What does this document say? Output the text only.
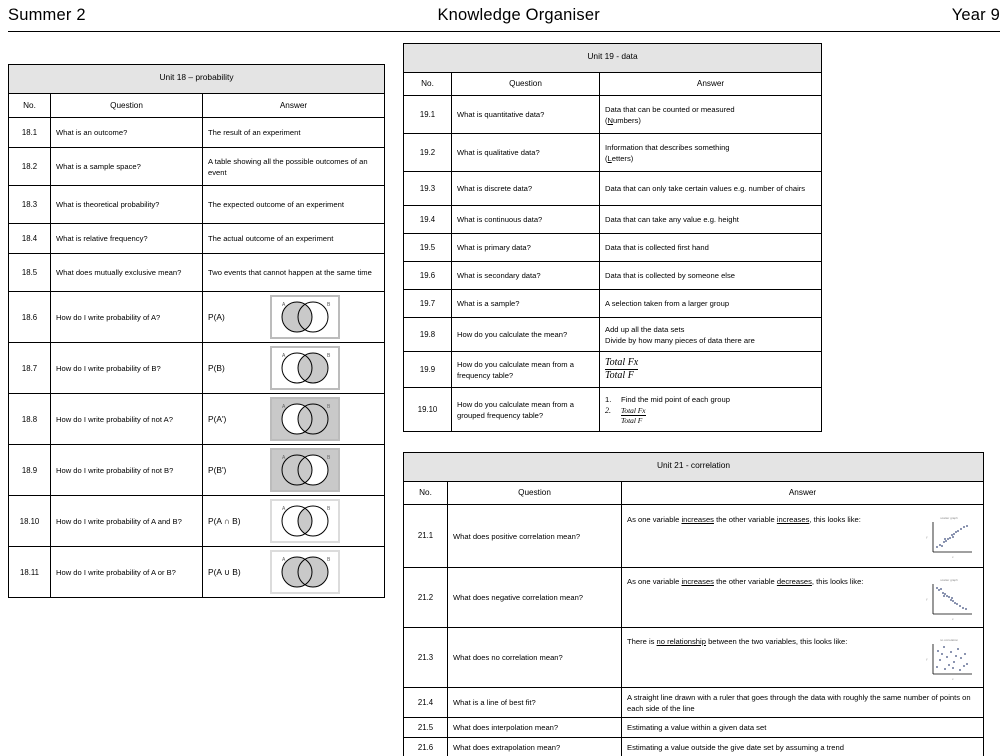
Summer 2	Knowledge Organiser	Year 9
Unit 18 – probability		
No.	Question	Answer
18.1	What is an outcome?	The result of an experiment
18.2	What is a sample space?	A table showing all the possible outcomes of an event
18.3	What is theoretical probability?	The expected outcome of an experiment
18.4	What is relative frequency?	The actual outcome of an experiment
18.5	What does mutually exclusive mean?	Two events that cannot happen at the same time
18.6	How do I write probability of A?	P(A)
A B

18.7	How do I write probability of B?	P(B)
A B

18.8	How do I write probability of not A?	P(A')
A B

18.9	How do I write probability of not B?	P(B')
A B

18.10	How do I write probability of A and B?	P(A ∩ B)
A B

18.11	How do I write probability of A or B?	P(A ∪ B)
A B
Unit 19 - data		
No.	Question	Answer
19.1	What is quantitative data?	Data that can be counted or measured
(Numbers)

19.2	What is qualitative data?	Information that describes something
(Letters)

19.3	What is discrete data?	Data that can only take certain values e.g. number of chairs
19.4	What is continuous data?	Data that can take any value e.g. height
19.5	What is primary data?	Data that is collected first hand
19.6	What is secondary data?	Data that is collected by someone else
19.7	What is a sample?	A selection taken from a larger group
19.8	How do you calculate the mean?	Add up all the data sets
Divide by how many pieces of data there are

19.9	How do you calculate mean from a frequency table?	$\frac{\text{Total Fx}}{\text{Total F}}$

19.10	How do you calculate mean from a grouped frequency table?	
1.	Find the mid point of each group
2.	$\frac{\text{Total Fx}}{\text{Total F}}$
Unit 21 - correlation		
No.	Question	Answer
21.1	What does positive correlation mean?	As one variable increases the other variable increases, this looks like: scatter graph
y
x

21.2	What does negative correlation mean?	As one variable increases the other variable decreases, this looks like: scatter graph
y
x

21.3	What does no correlation mean?	There is no relationship between the two variables, this looks like: no correlation
y
x

21.4	What is a line of best fit?	A straight line drawn with a ruler that goes through the data with roughly the same number of points on each side of the line
21.5	What does interpolation mean?	Estimating a value within a given data set
21.6	What does extrapolation mean?	Estimating a value outside the give date set by assuming a trend
